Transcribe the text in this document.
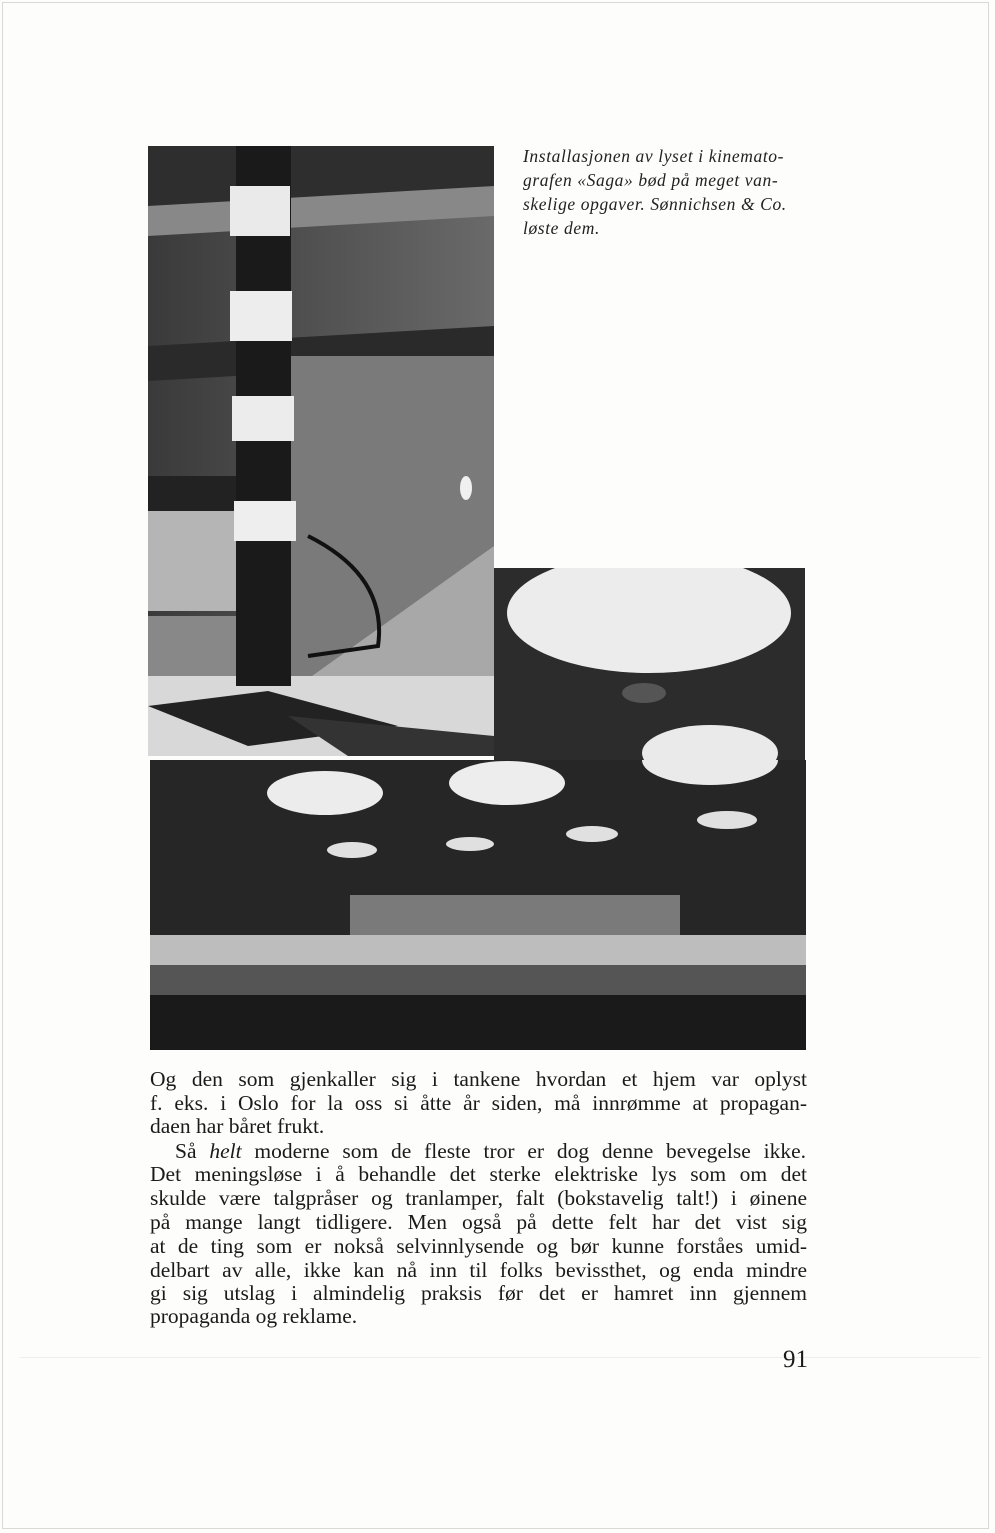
Installasjonen av lyset i kinemato-
grafen «Saga» bød på meget van-
skelige opgaver. Sønnichsen & Co.
løste dem.
Og den som gjenkaller sig i tankene hvordan et hjem var oplyst
f. eks. i Oslo for la oss si åtte år siden, må innrømme at propagan-
daen har båret frukt.
Så helt moderne som de fleste tror er dog denne bevegelse ikke.
Det meningsløse i å behandle det sterke elektriske lys som om det
skulde være talgpråser og tranlamper, falt (bokstavelig talt!) i øinene
på mange langt tidligere. Men også på dette felt har det vist sig
at de ting som er nokså selvinnlysende og bør kunne forståes umid-
delbart av alle, ikke kan nå inn til folks bevissthet, og enda mindre
gi sig utslag i almindelig praksis før det er hamret inn gjennem
propaganda og reklame.
91
